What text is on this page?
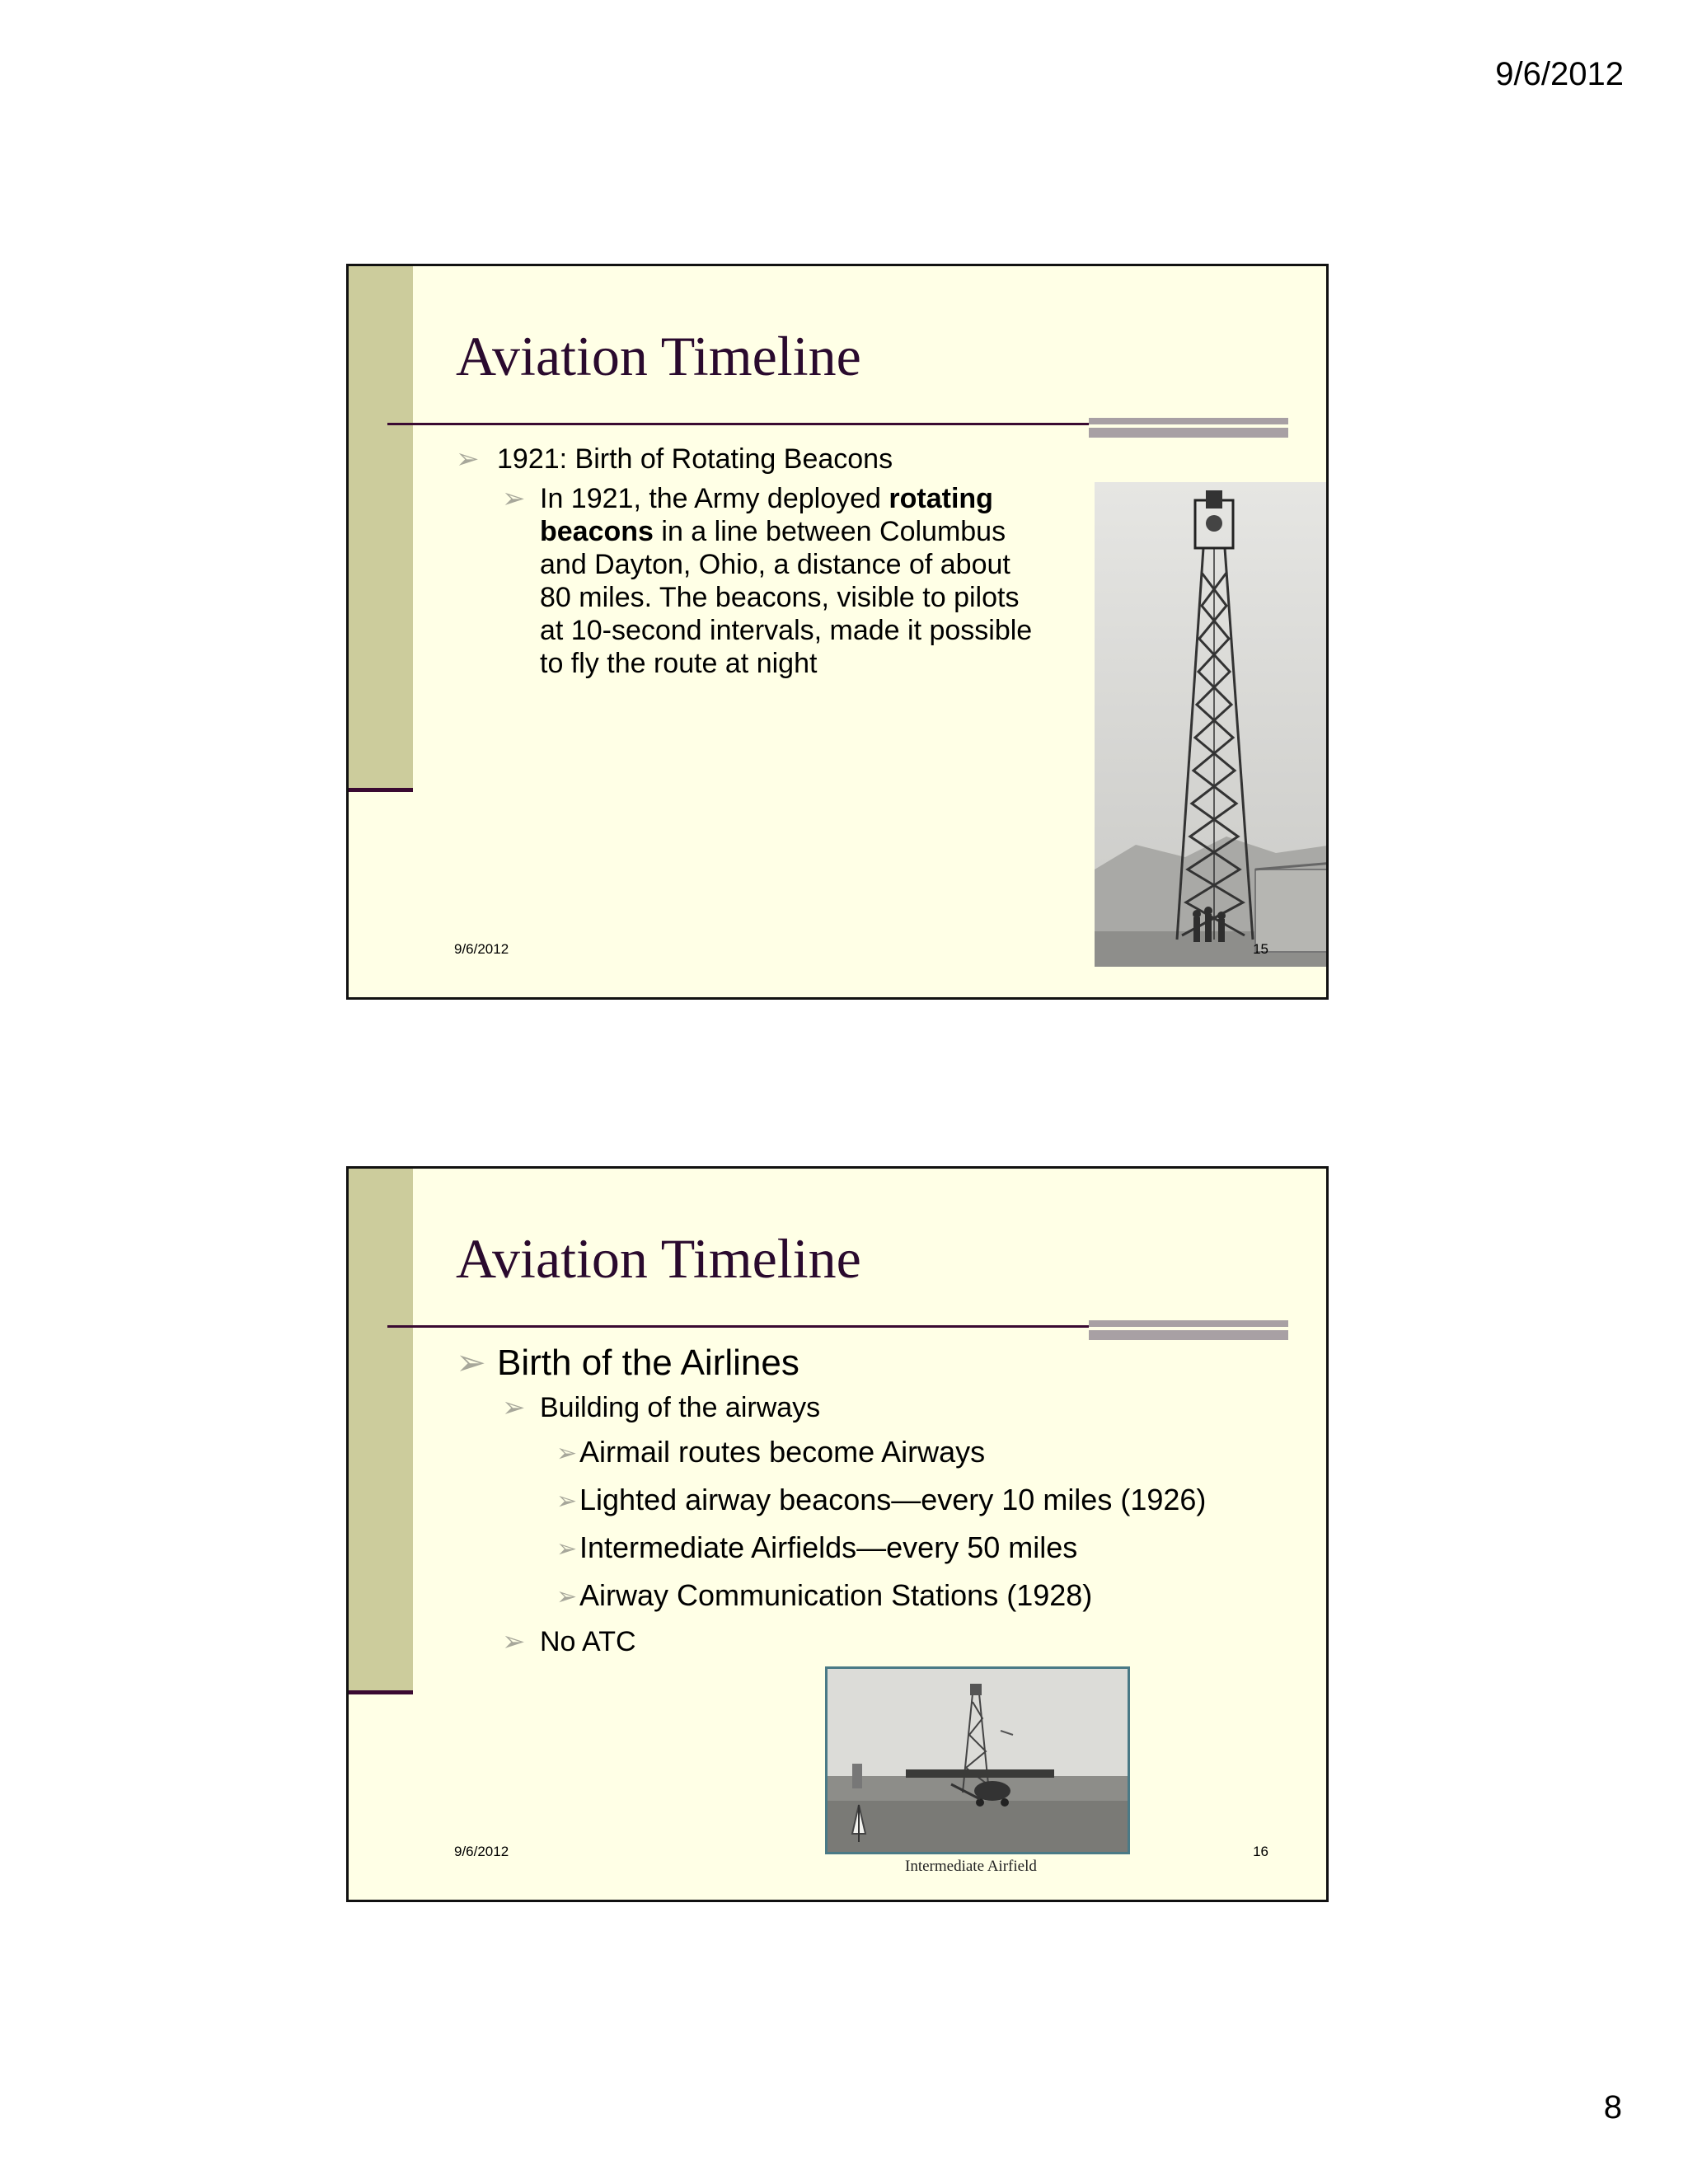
9/6/2012
Aviation Timeline
➢ 1921: Birth of Rotating Beacons
➢ In 1921, the Army deployed rotating beacons in a line between Columbus and Dayton, Ohio, a distance of about 80 miles. The beacons, visible to pilots at 10-second intervals, made it possible to fly the route at night
9/6/2012	15
Aviation Timeline
➢ Birth of the Airlines
➢ Building of the airways
➢ Airmail routes become Airways
➢ Lighted airway beacons—every 10 miles (1926)
➢ Intermediate Airfields—every 50 miles
➢ Airway Communication Stations (1928)
➢ No ATC
Intermediate Airfield
9/6/2012	16
8
